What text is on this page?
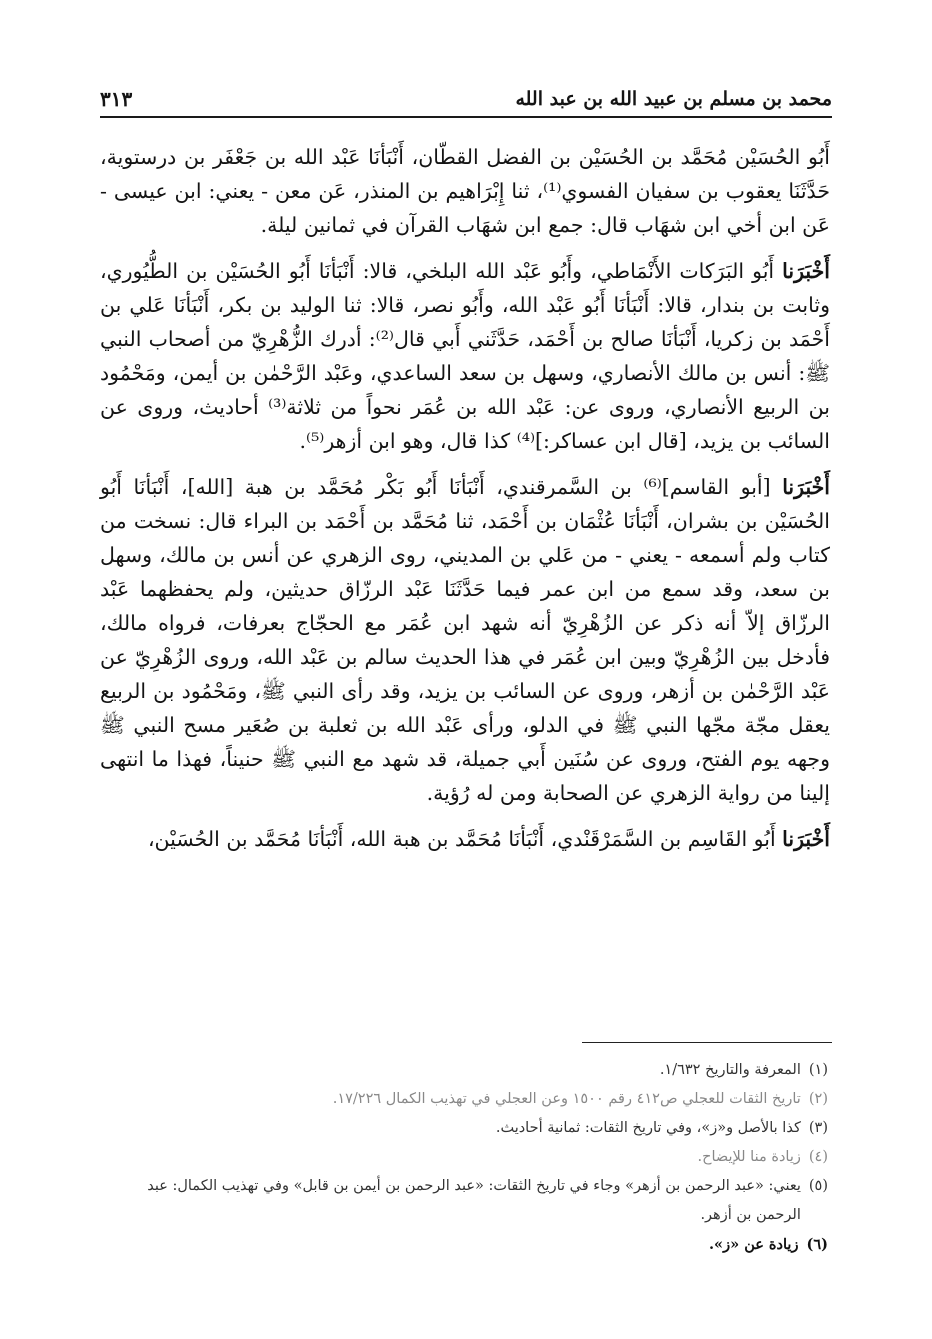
محمد بن مسلم بن عبيد الله بن عبد الله
٣١٣

أَبُو الحُسَيْن مُحَمَّد بن الحُسَيْن بن الفضل القطّان، أَنْبَأنَا عَبْد الله بن جَعْفَر بن درستوية، حَدَّثَنَا يعقوب بن سفيان الفسوي⁽¹⁾، ثنا إِبْرَاهيم بن المنذر، عَن معن - يعني: ابن عيسى - عَن ابن أخي ابن شهَاب قال: جمع ابن شهَاب القرآن في ثمانين ليلة.

أَخْبَرَنا أَبُو البَرَكات الأَنْمَاطي، وأَبُو عَبْد الله البلخي، قالا: أَنْبَأنَا أَبُو الحُسَيْن بن الطُّيُوري، وثابت بن بندار، قالا: أَنْبَأنَا أَبُو عَبْد الله، وأَبُو نصر، قالا: ثنا الوليد بن بكر، أَنْبَأنَا عَلي بن أَحْمَد بن زكريا، أَنْبَأنَا صالح بن أَحْمَد، حَدَّثَني أَبي قال⁽²⁾: أدرك الزُّهْرِيّ من أصحاب النبي ﷺ: أنس بن مالك الأنصاري، وسهل بن سعد الساعدي، وعَبْد الرَّحْمٰن بن أيمن، ومَحْمُود بن الربيع الأنصاري، وروى عن: عَبْد الله بن عُمَر نحواً من ثلاثة⁽³⁾ أحاديث، وروى عن السائب بن يزيد، [قال ابن عساكر:]⁽⁴⁾ كذا قال، وهو ابن أزهر⁽⁵⁾.

أَخْبَرَنا [أبو القاسم]⁽⁶⁾ بن السَّمرقندي، أَنْبَأنَا أَبُو بَكْر مُحَمَّد بن هبة [الله]، أَنْبَأنَا أَبُو الحُسَيْن بن بشران، أَنْبَأنَا عُثْمَان بن أَحْمَد، ثنا مُحَمَّد بن أَحْمَد بن البراء قال: نسخت من كتاب ولم أسمعه - يعني - من عَلي بن المديني، روى الزهري عن أنس بن مالك، وسهل بن سعد، وقد سمع من ابن عمر فيما حَدَّثَنَا عَبْد الرزّاق حديثين، ولم يحفظهما عَبْد الرزّاق إلاّ أنه ذكر عن الزُهْرِيّ أنه شهد ابن عُمَر مع الحجّاج بعرفات، فرواه مالك، فأدخل بين الزُهْرِيّ وبين ابن عُمَر في هذا الحديث سالم بن عَبْد الله، وروى الزُهْرِيّ عن عَبْد الرَّحْمٰن بن أزهر، وروى عن السائب بن يزيد، وقد رأى النبي ﷺ، ومَحْمُود بن الربيع يعقل مجّة مجّها النبي ﷺ في الدلو، ورأى عَبْد الله بن ثعلبة بن صُعَير مسح النبي ﷺ وجهه يوم الفتح، وروى عن سُنَين أَبي جميلة، قد شهد مع النبي ﷺ حنيناً، فهذا ما انتهى إلينا من رواية الزهري عن الصحابة ومن له رُؤية.

أَخْبَرَنا أَبُو القَاسِم بن السَّمَرْقَنْدي، أَنْبَأنَا مُحَمَّد بن هبة الله، أَنْبَأنَا مُحَمَّد بن الحُسَيْن،

(١)
المعرفة والتاريخ ١/٦٣٢.
(٢)
تاريخ الثقات للعجلي ص٤١٢ رقم ١٥٠٠ وعن العجلي في تهذيب الكمال ١٧/٢٢٦.
(٣)
كذا بالأصل و«ز»، وفي تاريخ الثقات: ثمانية أحاديث.
(٤)
زيادة منا للإيضاح.
(٥)
يعني: «عبد الرحمن بن أزهر» وجاء في تاريخ الثقات: «عبد الرحمن بن أيمن بن قابل» وفي تهذيب الكمال: عبد الرحمن بن أزهر.
(٦)
زيادة عن «ز».
